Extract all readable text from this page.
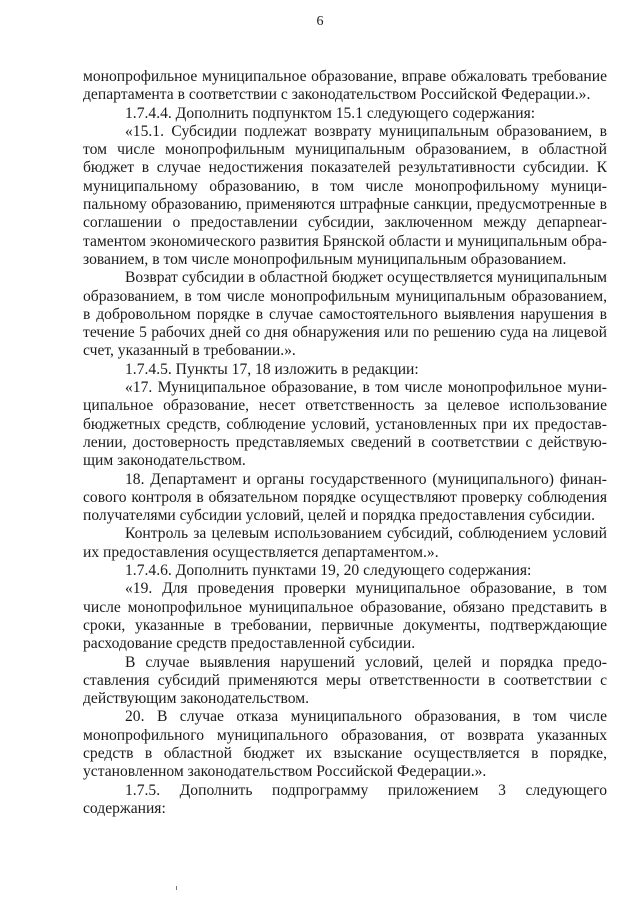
6

монопрофильное муниципальное образование, вправе обжаловать требование департамента в соответствии с законодательством Российской Федерации.».

1.7.4.4. Дополнить подпунктом 15.1 следующего содержания:

«15.1. Субсидии подлежат возврату муниципальным образованием, в том числе монопрофильным муниципальным образованием, в областной бюджет в случае недостижения показателей результативности субсидии. К муниципальному образованию, в том числе монопрофильному муниципальному образованию, применяются штрафные санкции, предусмотренные в соглашении о предоставлении субсидии, заключенном между депарnearтаментом экономического развития Брянской области и муниципальным образованием, в том числе монопрофильным муниципальным образованием.

Возврат субсидии в областной бюджет осуществляется муниципальным образованием, в том числе монопрофильным муниципальным образованием, в добровольном порядке в случае самостоятельного выявления нарушения в течение 5 рабочих дней со дня обнаружения или по решению суда на лицевой счет, указанный в требовании.».

1.7.4.5. Пункты 17, 18 изложить в редакции:

«17. Муниципальное образование, в том числе монопрофильное муниципальное образование, несет ответственность за целевое использование бюджетных средств, соблюдение условий, установленных при их предоставлении, достоверность представляемых сведений в соответствии с действующим законодательством.

18. Департамент и органы государственного (муниципального) финансового контроля в обязательном порядке осуществляют проверку соблюдения получателями субсидии условий, целей и порядка предоставления субсидии.

Контроль за целевым использованием субсидий, соблюдением условий их предоставления осуществляется департаментом.».

1.7.4.6. Дополнить пунктами 19, 20 следующего содержания:

«19. Для проведения проверки муниципальное образование, в том числе монопрофильное муниципальное образование, обязано представить в сроки, указанные в требовании, первичные документы, подтверждающие расходование средств предоставленной субсидии.

В случае выявления нарушений условий, целей и порядка предоставления субсидий применяются меры ответственности в соответствии с действующим законодательством.

20. В случае отказа муниципального образования, в том числе монопрофильного муниципального образования, от возврата указанных средств в областной бюджет их взыскание осуществляется в порядке, установленном законодательством Российской Федерации.».

1.7.5. Дополнить подпрограмму приложением 3 следующего содержания:
